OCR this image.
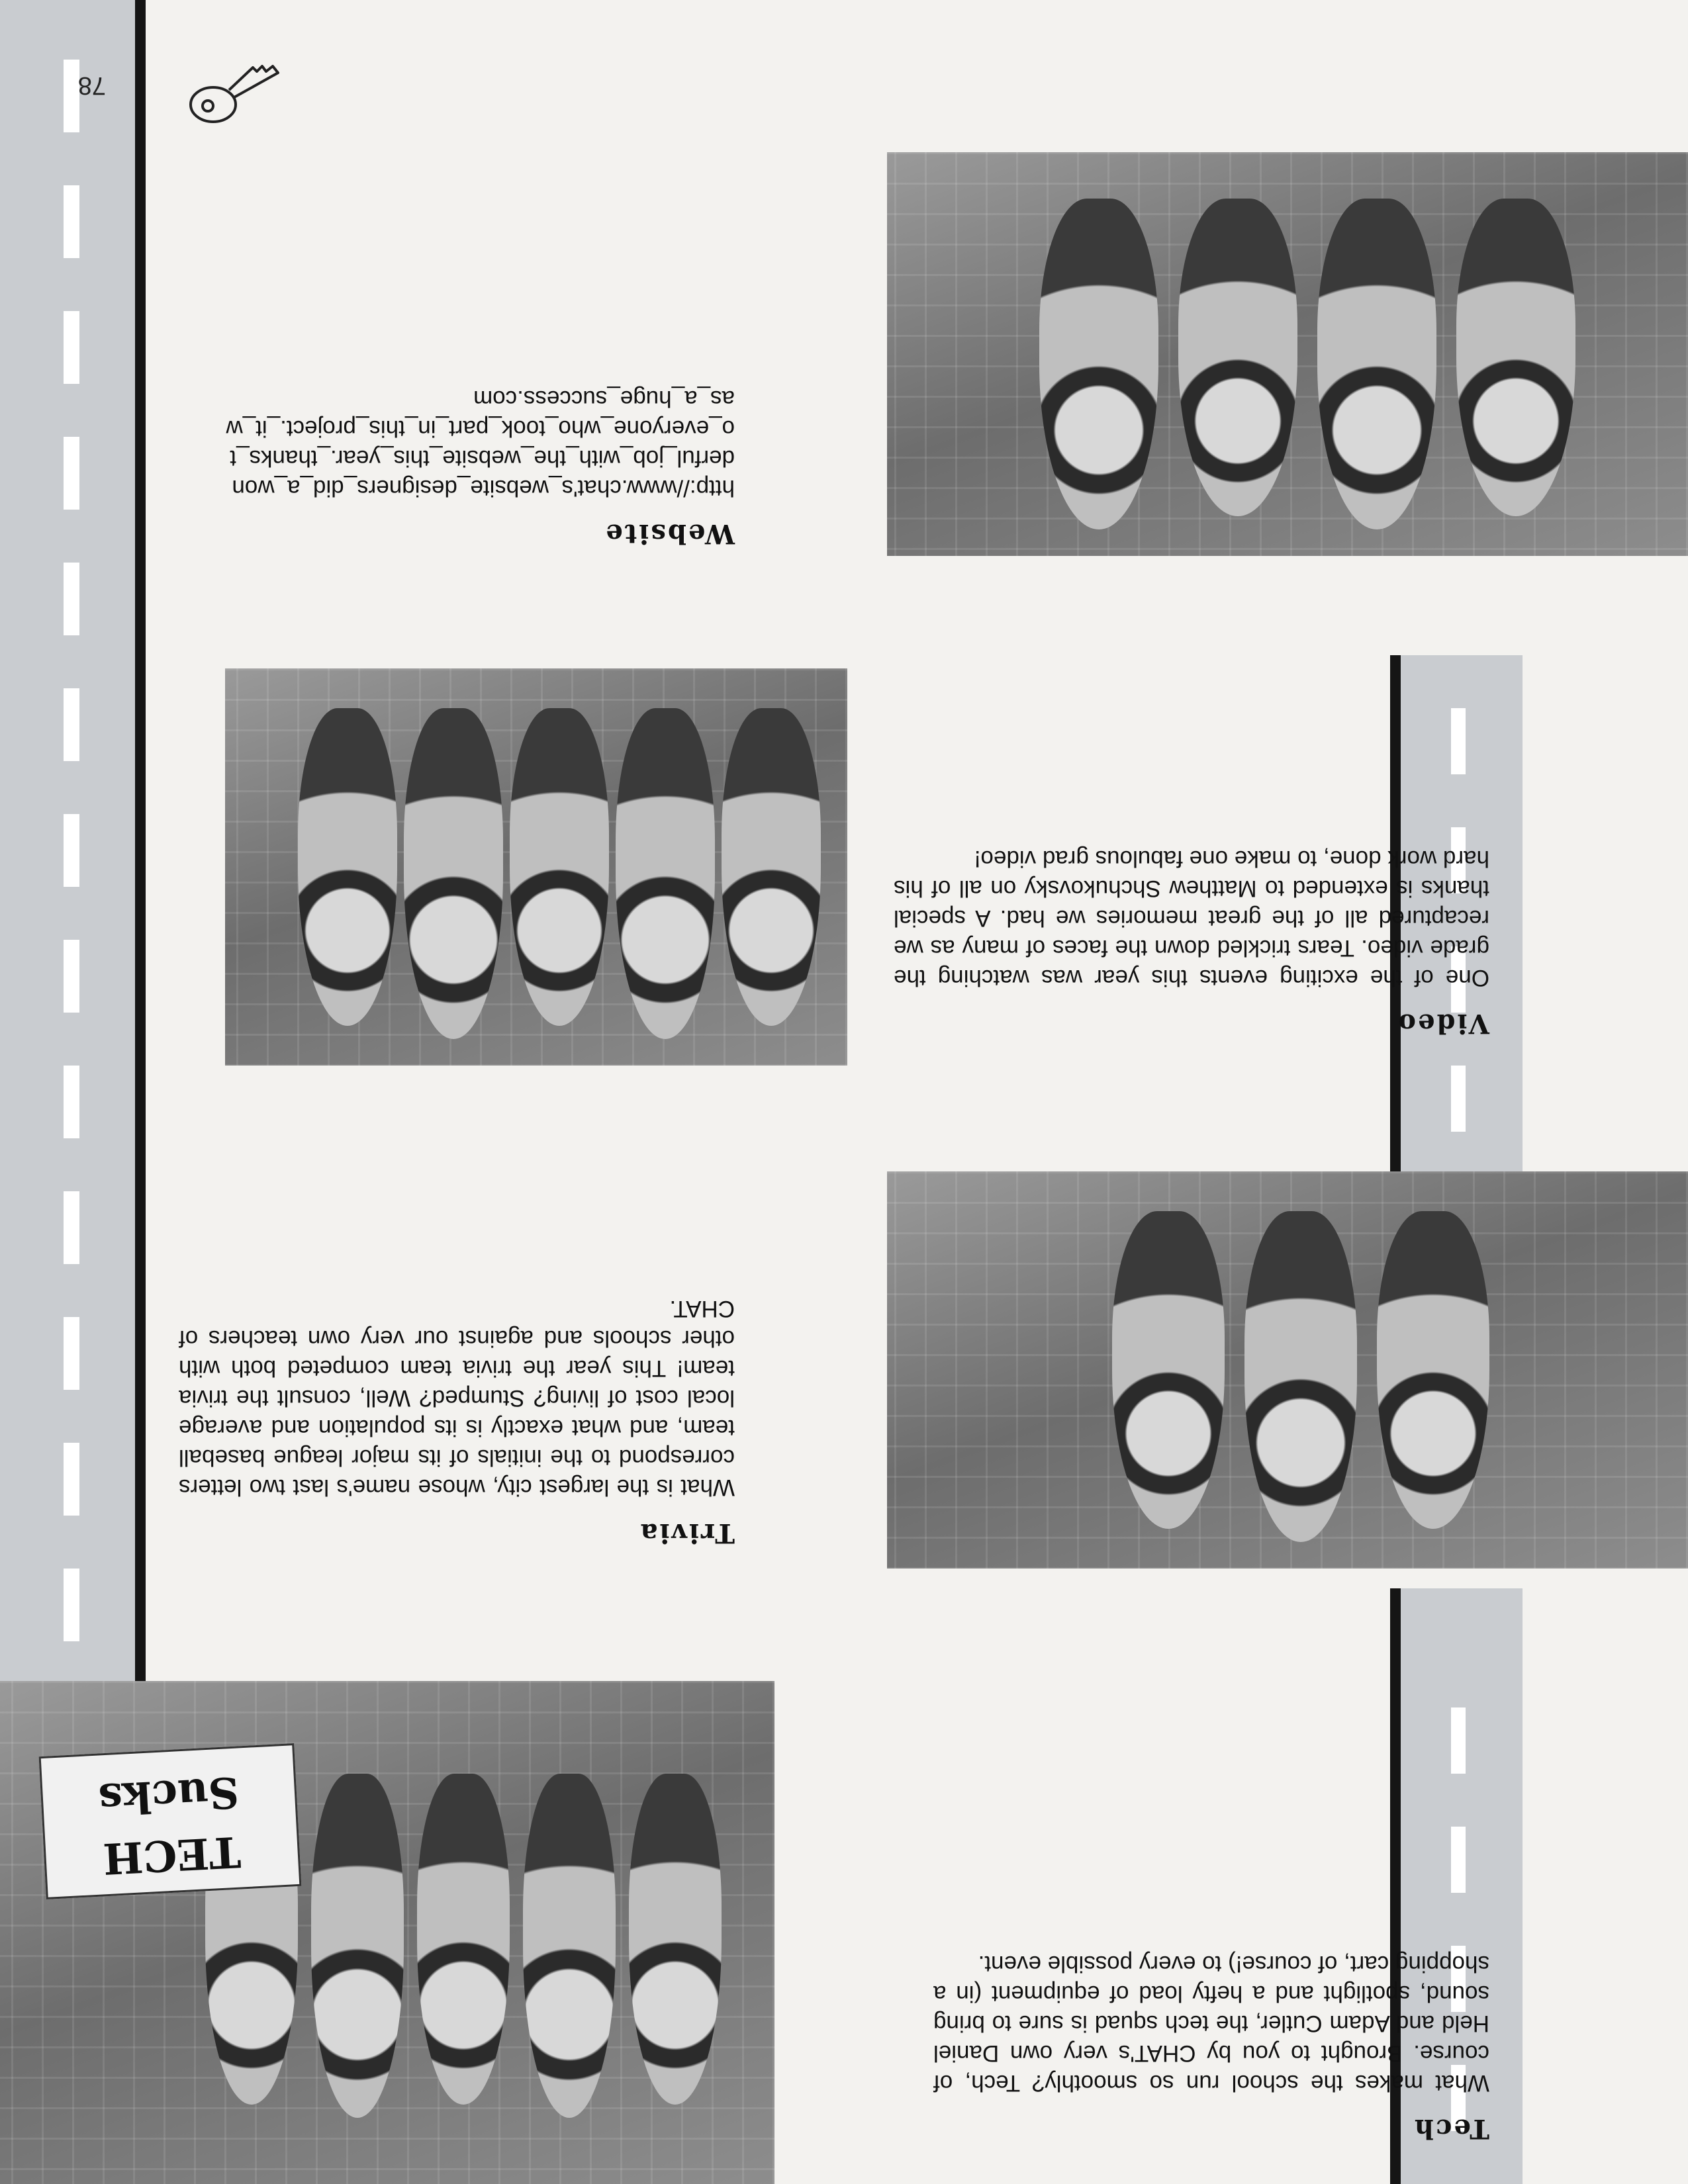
TECH Sucks
Website
http://www.chat's_website_designers_did_a_wonderful_job_with_the_website_this_year._thanks_to_everyone_who_took_part_in_this_project._it_was_a_huge_success.com
Video
One of the exciting events this year was watching the grade video. Tears trickled down the faces of many as we recaptured all of the great memories we had. A special thanks is extended to Matthew Shchukovsky on all of his hard work done, to make one fabulous grad video!
Trivia
What is the largest city, whose name's last two letters correspond to the initials of its major league baseball team, and what exactly is its population and average local cost of living? Stumped? Well, consult the trivia team! This year the trivia team competed both with other schools and against our very own teachers of CHAT.
Tech
What makes the school run so smoothly? Tech, of course. Brought to you by CHAT's very own Daniel Held and Adam Cutler, the tech squad is sure to bring sound, spotlight and a hefty load of equipment (in a shopping cart, of course!) to every possible event.
78
